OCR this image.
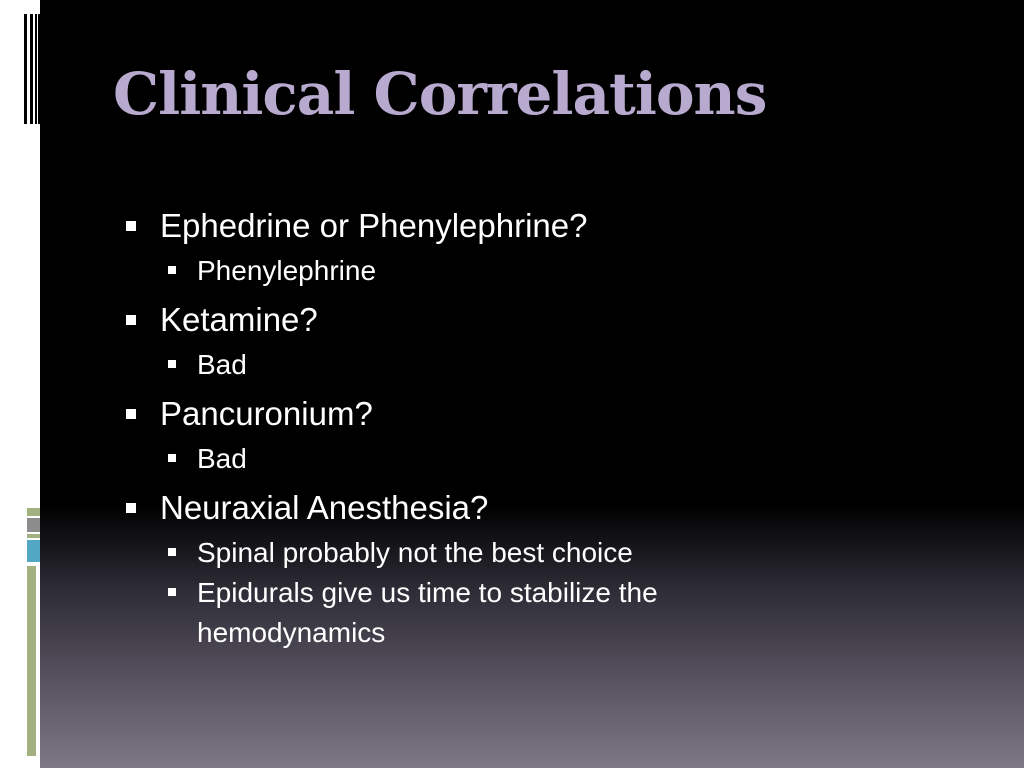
Clinical Correlations
Ephedrine or Phenylephrine?
Phenylephrine
Ketamine?
Bad
Pancuronium?
Bad
Neuraxial Anesthesia?
Spinal probably not the best choice
Epidurals give us time to stabilize the hemodynamics
